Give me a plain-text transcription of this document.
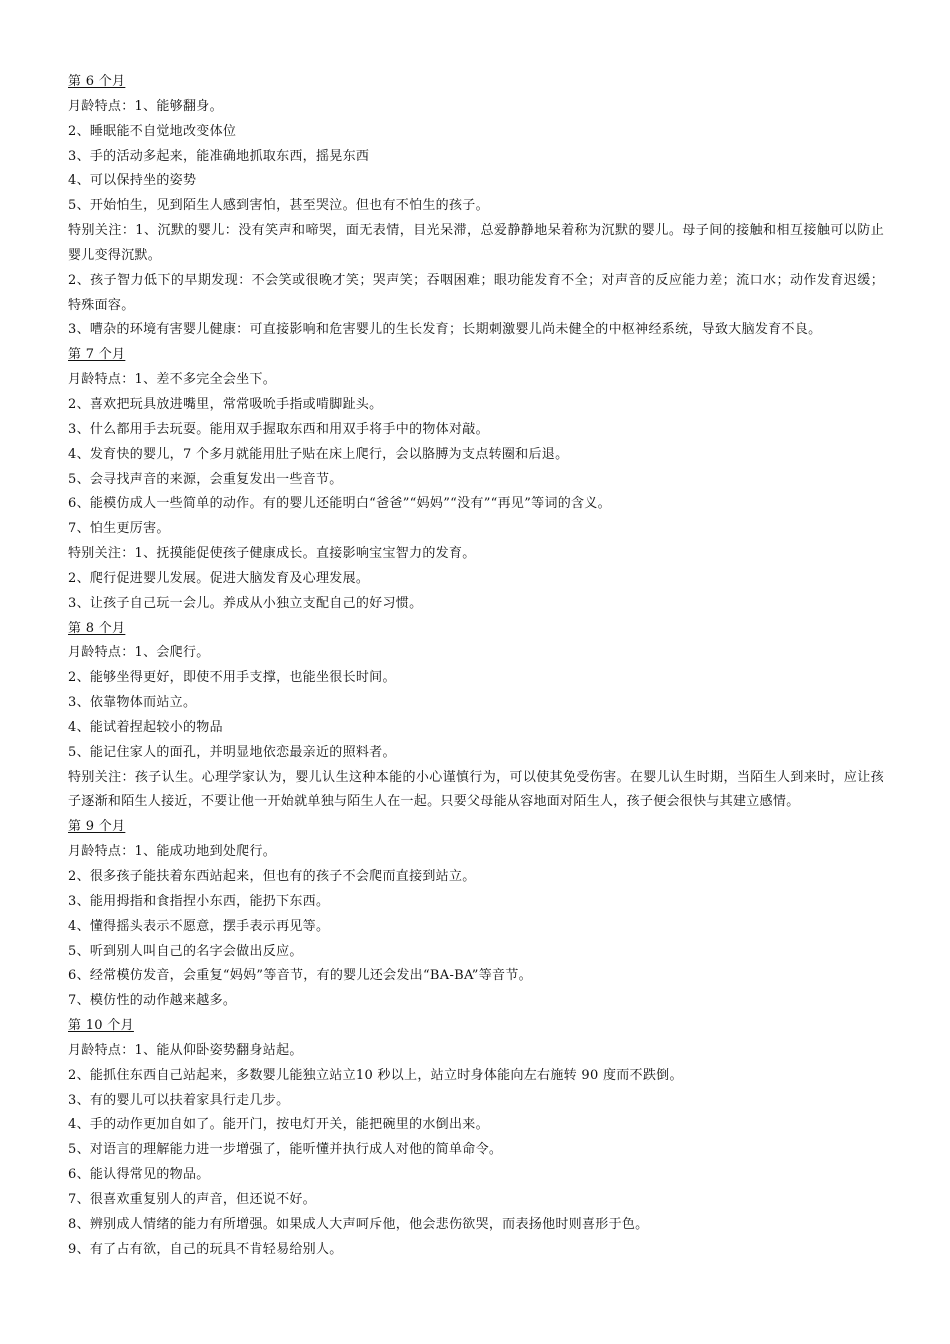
第 6 个月
月龄特点：1、能够翻身。
2、睡眠能不自觉地改变体位
3、手的活动多起来，能准确地抓取东西，摇晃东西
4、可以保持坐的姿势
5、开始怕生，见到陌生人感到害怕，甚至哭泣。但也有不怕生的孩子。
特别关注：1、沉默的婴儿：没有笑声和啼哭，面无表情，目光呆滞，总爱静静地呆着称为沉默的婴儿。母子间的接触和相互接触可以防止婴儿变得沉默。
2、孩子智力低下的早期发现：不会笑或很晚才笑；哭声笑；吞咽困难；眼功能发育不全；对声音的反应能力差；流口水；动作发育迟缓；特殊面容。
3、嘈杂的环境有害婴儿健康：可直接影响和危害婴儿的生长发育；长期刺激婴儿尚未健全的中枢神经系统，导致大脑发育不良。
第 7 个月
月龄特点：1、差不多完全会坐下。
2、喜欢把玩具放进嘴里，常常吸吮手指或啃脚趾头。
3、什么都用手去玩耍。能用双手握取东西和用双手将手中的物体对敲。
4、发育快的婴儿，7 个多月就能用肚子贴在床上爬行，会以胳膊为支点转圈和后退。
5、会寻找声音的来源，会重复发出一些音节。
6、能模仿成人一些简单的动作。有的婴儿还能明白“爸爸”“妈妈”“没有”“再见”等词的含义。
7、怕生更厉害。
特别关注：1、抚摸能促使孩子健康成长。直接影响宝宝智力的发育。
2、爬行促进婴儿发展。促进大脑发育及心理发展。
3、让孩子自己玩一会儿。养成从小独立支配自己的好习惯。
第 8 个月
月龄特点：1、会爬行。
2、能够坐得更好，即使不用手支撑，也能坐很长时间。
3、依靠物体而站立。
4、能试着捏起较小的物品
5、能记住家人的面孔，并明显地依恋最亲近的照料者。
特别关注：孩子认生。心理学家认为，婴儿认生这种本能的小心谨慎行为，可以使其免受伤害。在婴儿认生时期，当陌生人到来时，应让孩子逐渐和陌生人接近，不要让他一开始就单独与陌生人在一起。只要父母能从容地面对陌生人，孩子便会很快与其建立感情。
第 9 个月
月龄特点：1、能成功地到处爬行。
2、很多孩子能扶着东西站起来，但也有的孩子不会爬而直接到站立。
3、能用拇指和食指捏小东西，能扔下东西。
4、懂得摇头表示不愿意，摆手表示再见等。
5、听到别人叫自己的名字会做出反应。
6、经常模仿发音，会重复“妈妈”等音节，有的婴儿还会发出“BA-BA”等音节。
7、模仿性的动作越来越多。
第 10 个月
月龄特点：1、能从仰卧姿势翻身站起。
2、能抓住东西自己站起来，多数婴儿能独立站立10 秒以上，站立时身体能向左右施转 90 度而不跌倒。
3、有的婴儿可以扶着家具行走几步。
4、手的动作更加自如了。能开门，按电灯开关，能把碗里的水倒出来。
5、对语言的理解能力进一步增强了，能听懂并执行成人对他的简单命令。
6、能认得常见的物品。
7、很喜欢重复别人的声音，但还说不好。
8、辨别成人情绪的能力有所增强。如果成人大声呵斥他，他会悲伤欲哭，而表扬他时则喜形于色。
9、有了占有欲，自己的玩具不肯轻易给别人。
